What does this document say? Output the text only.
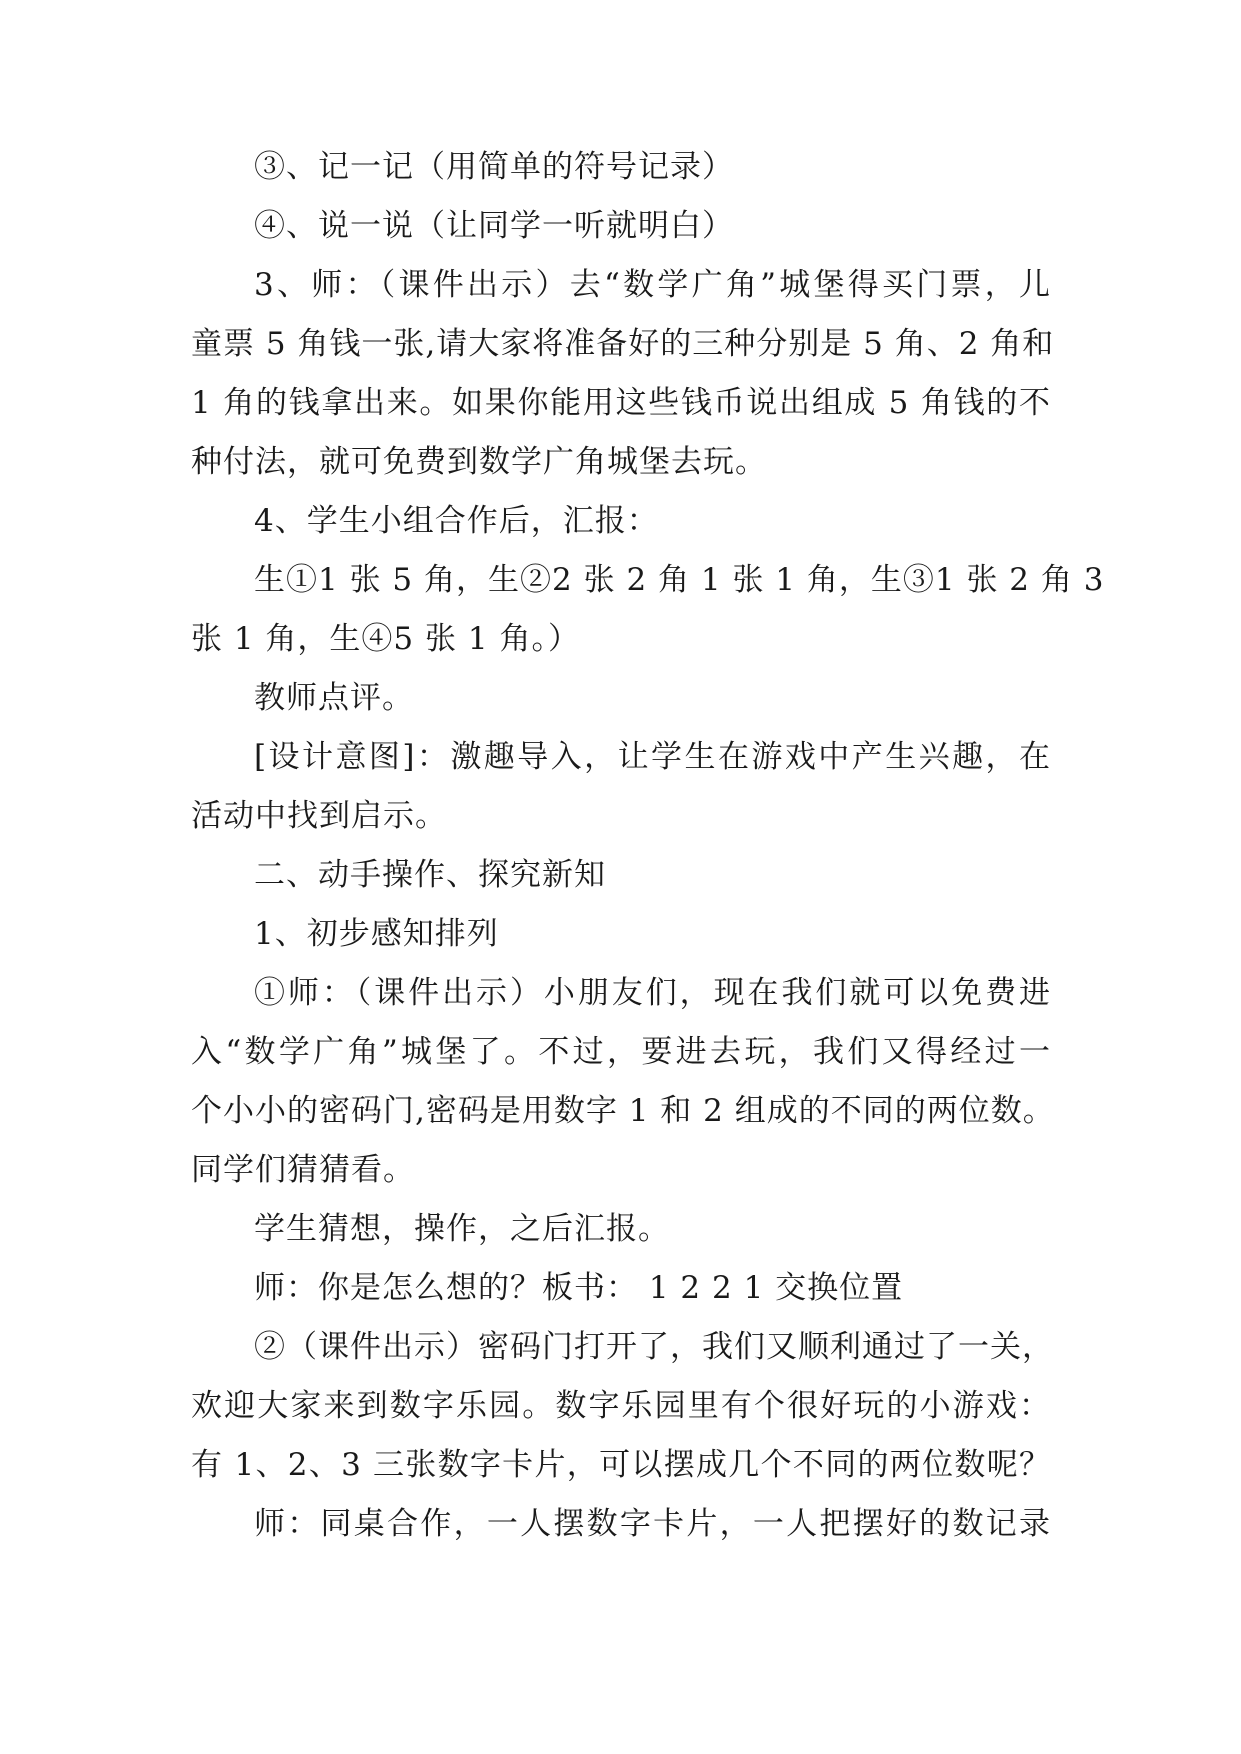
③、记一记（用简单的符号记录）
④、说一说（让同学一听就明白）
3、师：（课件出示）去“数学广角”城堡得买门票，儿
童票 5 角钱一张,请大家将准备好的三种分别是 5 角、2 角和
1 角的钱拿出来。如果你能用这些钱币说出组成 5 角钱的不
种付法，就可免费到数学广角城堡去玩。
4、学生小组合作后，汇报：
生①1 张 5 角，生②2 张 2 角 1 张 1 角，生③1 张 2 角 3
张 1 角，生④5 张 1 角。）
教师点评。
[设计意图]：激趣导入，让学生在游戏中产生兴趣，在
活动中找到启示。
二、动手操作、探究新知
1、初步感知排列
①师：（课件出示）小朋友们，现在我们就可以免费进
入“数学广角”城堡了。不过，要进去玩，我们又得经过一
个小小的密码门,密码是用数字 1 和 2 组成的不同的两位数。
同学们猜猜看。
学生猜想，操作，之后汇报。
师：你是怎么想的？板书： 1 2 2 1 交换位置
②（课件出示）密码门打开了，我们又顺利通过了一关，
欢迎大家来到数字乐园。数字乐园里有个很好玩的小游戏：
有 1、2、3 三张数字卡片，可以摆成几个不同的两位数呢？
师：同桌合作，一人摆数字卡片，一人把摆好的数记录
